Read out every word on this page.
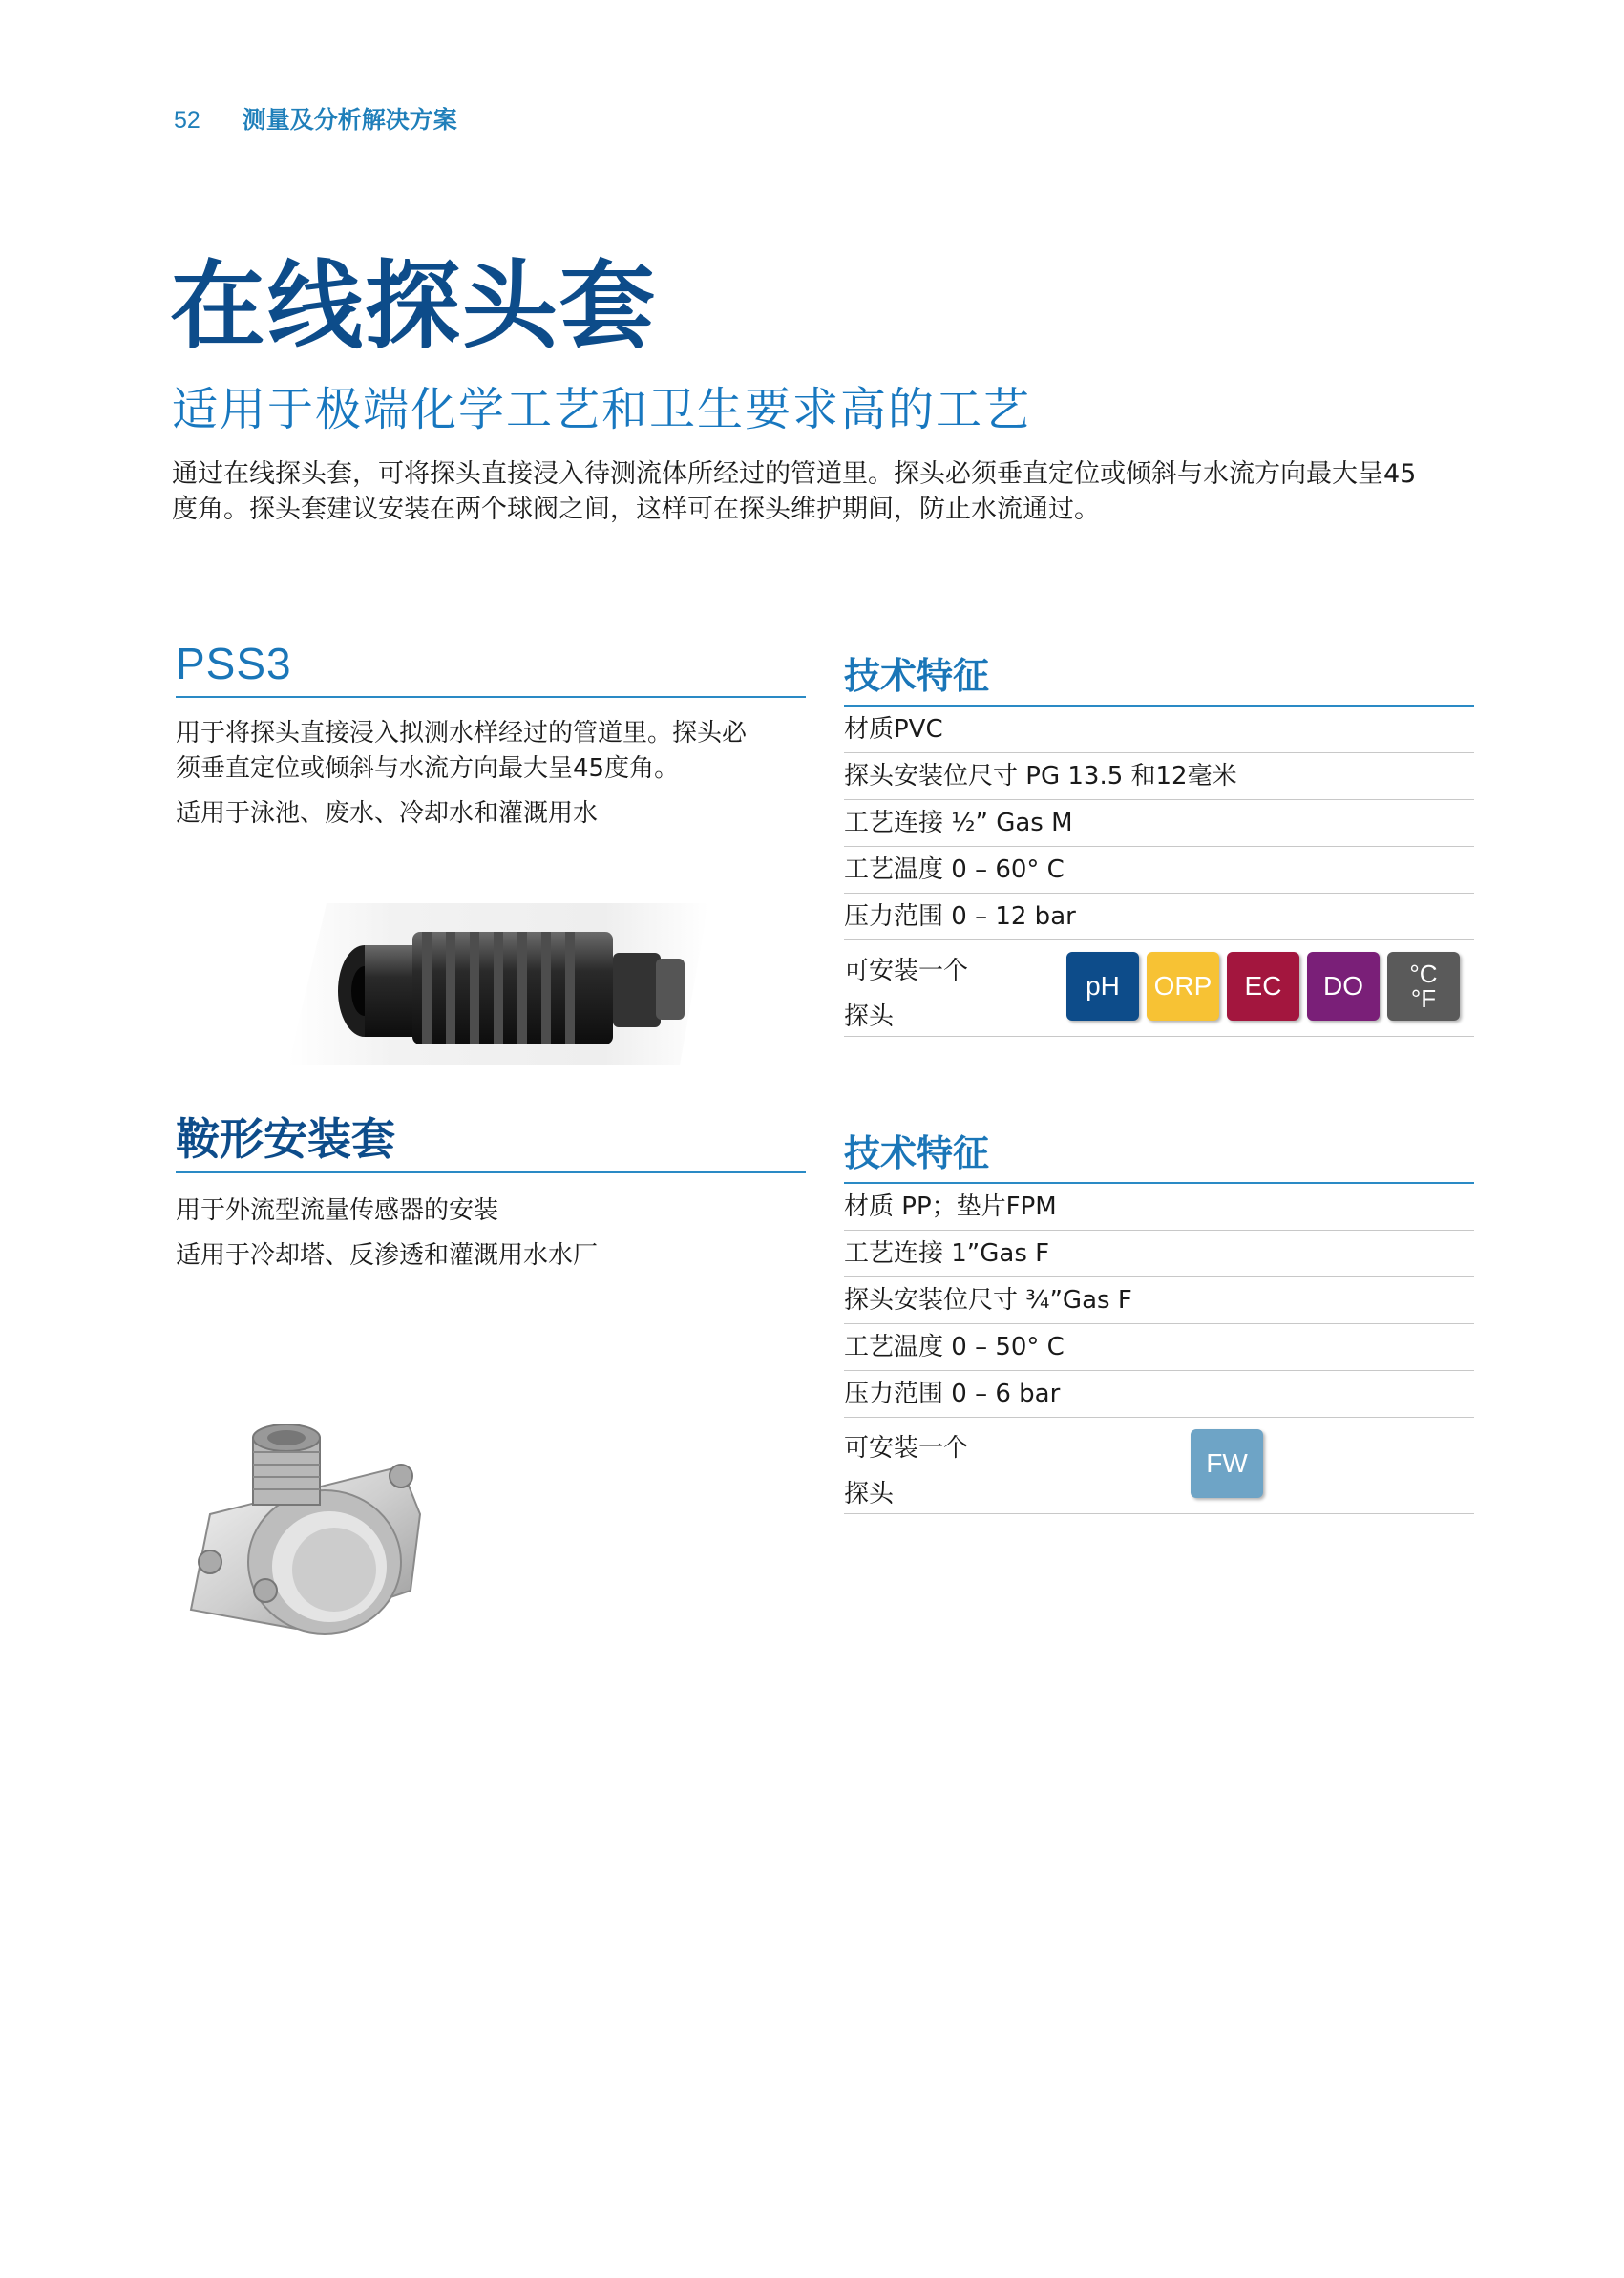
52 测量及分析解决方案
在线探头套
适用于极端化学工艺和卫生要求高的工艺
通过在线探头套，可将探头直接浸入待测流体所经过的管道里。探头必须垂直定位或倾斜与水流方向最大呈45
度角。探头套建议安装在两个球阀之间，这样可在探头维护期间，防止水流通过。
PSS3

用于将探头直接浸入拟测水样经过的管道里。探头必
须垂直定位或倾斜与水流方向最大呈45度角。

适用于泳池、废水、冷却水和灌溉用水

技术特征
材质PVC
探头安装位尺寸 PG 13.5 和12毫米
工艺连接 ½” Gas M
工艺温度 0 – 60° C
压力范围 0 – 12 bar
可安装一个
探头
pH	ORP	EC	DO	°C
°F
鞍形安装套

用于外流型流量传感器的安装

适用于冷却塔、反渗透和灌溉用水水厂

技术特征
材质 PP；垫片FPM
工艺连接 1”Gas F
探头安装位尺寸 ¾”Gas F
工艺温度 0 – 50° C
压力范围 0 – 6 bar
可安装一个
探头
FW
